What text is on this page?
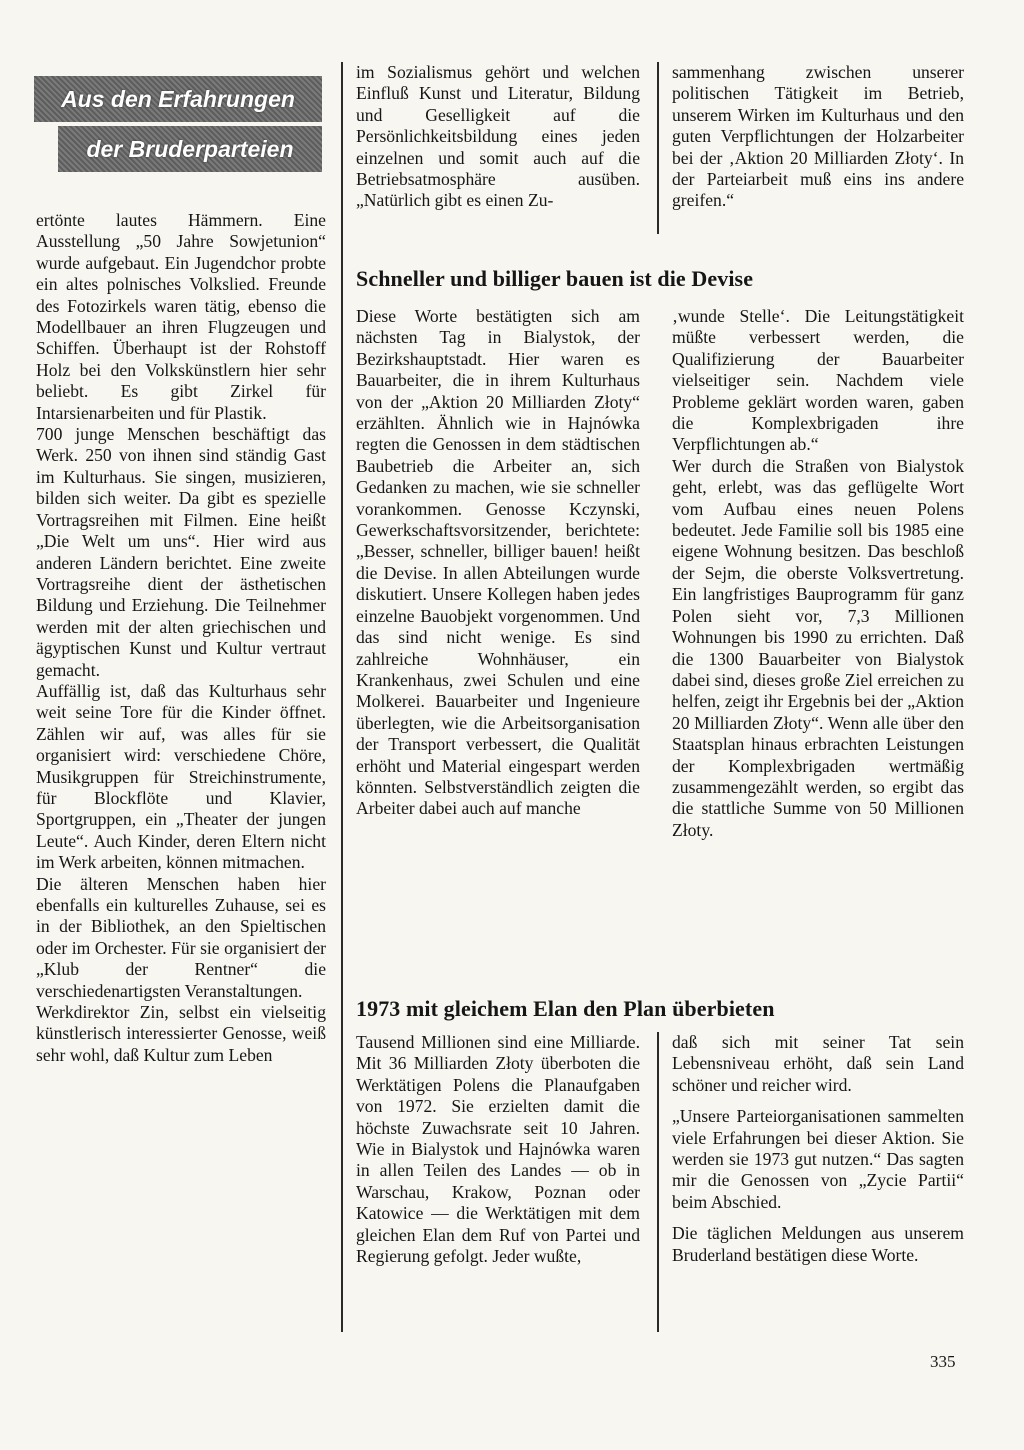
Aus den Erfahrungen
der Bruderparteien

ertönte lautes Hämmern. Eine Ausstellung „50 Jahre Sowjetunion“ wurde aufgebaut. Ein Jugendchor probte ein altes polnisches Volkslied. Freunde des Fotozirkels waren tätig, ebenso die Modellbauer an ihren Flugzeugen und Schiffen. Überhaupt ist der Rohstoff Holz bei den Volkskünstlern hier sehr beliebt. Es gibt Zirkel für Intarsienarbeiten und für Plastik.

700 junge Menschen beschäftigt das Werk. 250 von ihnen sind ständig Gast im Kulturhaus. Sie singen, musizieren, bilden sich weiter. Da gibt es spezielle Vortragsreihen mit Filmen. Eine heißt „Die Welt um uns“. Hier wird aus anderen Ländern berichtet. Eine zweite Vortragsreihe dient der ästhetischen Bildung und Erziehung. Die Teilnehmer werden mit der alten griechischen und ägyptischen Kunst und Kultur vertraut gemacht.

Auffällig ist, daß das Kulturhaus sehr weit seine Tore für die Kinder öffnet. Zählen wir auf, was alles für sie organisiert wird: verschiedene Chöre, Musikgruppen für Streichinstrumente, für Blockflöte und Klavier, Sportgruppen, ein „Theater der jungen Leute“. Auch Kinder, deren Eltern nicht im Werk arbeiten, können mitmachen.

Die älteren Menschen haben hier ebenfalls ein kulturelles Zuhause, sei es in der Bibliothek, an den Spieltischen oder im Orchester. Für sie organisiert der „Klub der Rentner“ die verschiedenartigsten Veranstaltungen.

Werkdirektor Zin, selbst ein vielseitig künstlerisch interessierter Genosse, weiß sehr wohl, daß Kultur zum Leben

im Sozialismus gehört und welchen Einfluß Kunst und Literatur, Bildung und Geselligkeit auf die Persönlichkeitsbildung eines jeden einzelnen und somit auch auf die Betriebsatmosphäre ausüben. „Natürlich gibt es einen Zu-

sammenhang zwischen unserer politischen Tätigkeit im Betrieb, unserem Wirken im Kulturhaus und den guten Verpflichtungen der Holzarbeiter bei der ‚Aktion 20 Milliarden Złoty‘. In der Parteiarbeit muß eins ins andere greifen.“

Schneller und billiger bauen ist die Devise

Diese Worte bestätigten sich am nächsten Tag in Bialystok, der Bezirkshauptstadt. Hier waren es Bauarbeiter, die in ihrem Kulturhaus von der „Aktion 20 Milliarden Złoty“ erzählten. Ähnlich wie in Hajnówka regten die Genossen in dem städtischen Baubetrieb die Arbeiter an, sich Gedanken zu machen, wie sie schneller vorankommen. Genosse Kczynski, Gewerkschaftsvorsitzender, berichtete: „Besser, schneller, billiger bauen! heißt die Devise. In allen Abteilungen wurde diskutiert. Unsere Kollegen haben jedes einzelne Bauobjekt vorgenommen. Und das sind nicht wenige. Es sind zahlreiche Wohnhäuser, ein Krankenhaus, zwei Schulen und eine Molkerei. Bauarbeiter und Ingenieure überlegten, wie die Arbeitsorganisation der Transport verbessert, die Qualität erhöht und Material eingespart werden könnten. Selbstverständlich zeigten die Arbeiter dabei auch auf manche

‚wunde Stelle‘. Die Leitungstätigkeit müßte verbessert werden, die Qualifizierung der Bauarbeiter vielseitiger sein. Nachdem viele Probleme geklärt worden waren, gaben die Komplexbrigaden ihre Verpflichtungen ab.“

Wer durch die Straßen von Bialystok geht, erlebt, was das geflügelte Wort vom Aufbau eines neuen Polens bedeutet. Jede Familie soll bis 1985 eine eigene Wohnung besitzen. Das beschloß der Sejm, die oberste Volksvertretung. Ein langfristiges Bauprogramm für ganz Polen sieht vor, 7,3 Millionen Wohnungen bis 1990 zu errichten. Daß die 1300 Bauarbeiter von Bialystok dabei sind, dieses große Ziel erreichen zu helfen, zeigt ihr Ergebnis bei der „Aktion 20 Milliarden Złoty“. Wenn alle über den Staatsplan hinaus erbrachten Leistungen der Komplexbrigaden wertmäßig zusammengezählt werden, so ergibt das die stattliche Summe von 50 Millionen Złoty.

1973 mit gleichem Elan den Plan überbieten

Tausend Millionen sind eine Milliarde. Mit 36 Milliarden Złoty überboten die Werktätigen Polens die Planaufgaben von 1972. Sie erzielten damit die höchste Zuwachsrate seit 10 Jahren. Wie in Bialystok und Hajnówka waren in allen Teilen des Landes — ob in Warschau, Krakow, Poznan oder Katowice — die Werktätigen mit dem gleichen Elan dem Ruf von Partei und Regierung gefolgt. Jeder wußte,

daß sich mit seiner Tat sein Lebensniveau erhöht, daß sein Land schöner und reicher wird.

„Unsere Parteiorganisationen sammelten viele Erfahrungen bei dieser Aktion. Sie werden sie 1973 gut nutzen.“ Das sagten mir die Genossen von „Zycie Partii“ beim Abschied.

Die täglichen Meldungen aus unserem Bruderland bestätigen diese Worte.

335
